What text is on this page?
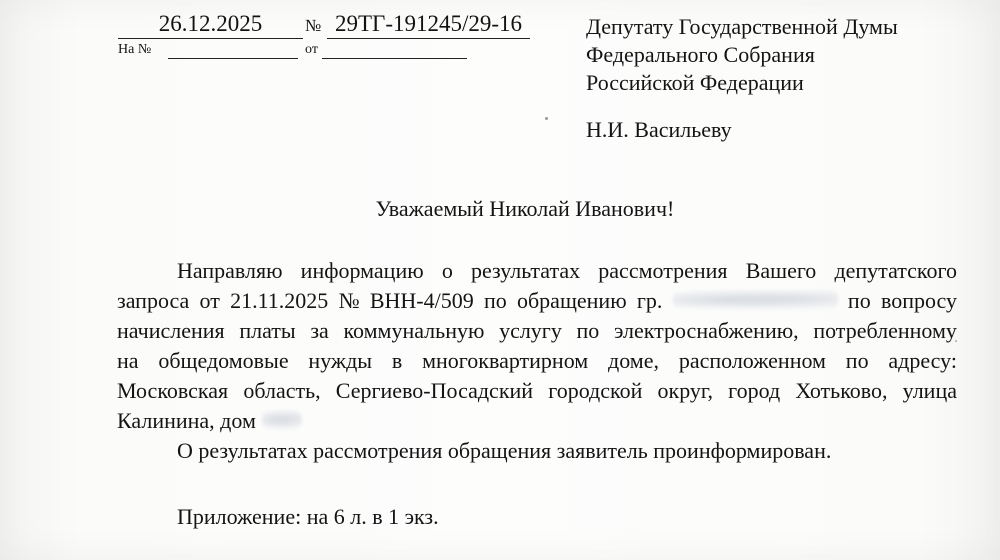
26.12.2025	№ 29ТГ-191245/29-16
На №	от
Депутату Государственной Думы
Федерального Собрания
Российской Федерации
Н.И. Васильеву
Уважаемый Николай Иванович!
Направляю информацию о результатах рассмотрения Вашего депутатского
запроса от 21.11.2025 № ВНН-4/509 по обращению гр.	по вопросу
начисления платы за коммунальную услугу по электроснабжению, потребленному
на общедомовые нужды в многоквартирном доме, расположенном по адресу:
Московская область, Сергиево-Посадский городской округ, город Хотьково, улица
Калинина, дом
О результатах рассмотрения обращения заявитель проинформирован.
Приложение: на 6 л. в 1 экз.
